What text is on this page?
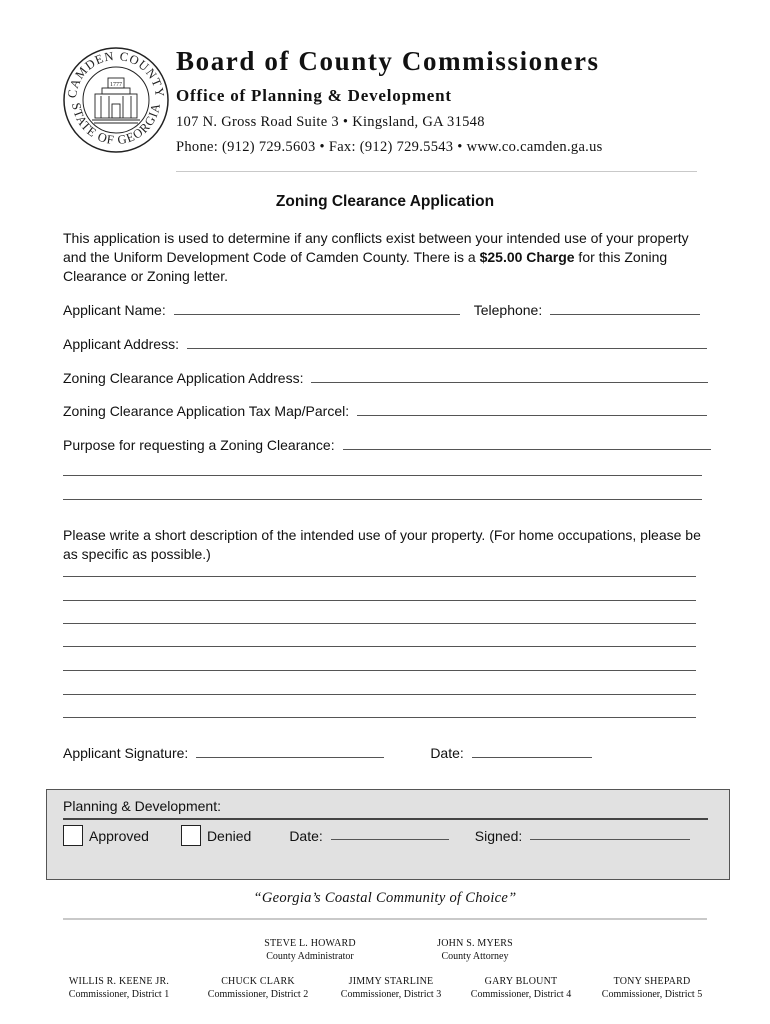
CAMDEN COUNTY
STATE OF GEORGIA
1777
Board of County Commissioners
Office of Planning & Development
107 N. Gross Road Suite 3 • Kingsland, GA 31548
Phone: (912) 729.5603 • Fax: (912) 729.5543 • www.co.camden.ga.us
Zoning Clearance Application
This application is used to determine if any conflicts exist between your intended use of your property and the Uniform Development Code of Camden County. There is a $25.00 Charge for this Zoning Clearance or Zoning letter.
Applicant Name:	Telephone:
Applicant Address:
Zoning Clearance Application Address:
Zoning Clearance Application Tax Map/Parcel:
Purpose for requesting a Zoning Clearance:
Please write a short description of the intended use of your property. (For home occupations, please be as specific as possible.)
Applicant Signature:	Date:
Planning & Development:
Approved	Denied	Date:	Signed:
“Georgia’s Coastal Community of Choice”
STEVE L. HOWARD
County Administrator
JOHN S. MYERS
County Attorney
WILLIS R. KEENE JR.
Commissioner, District 1
CHUCK CLARK
Commissioner, District 2
JIMMY STARLINE
Commissioner, District 3
GARY BLOUNT
Commissioner, District 4
TONY SHEPARD
Commissioner, District 5
